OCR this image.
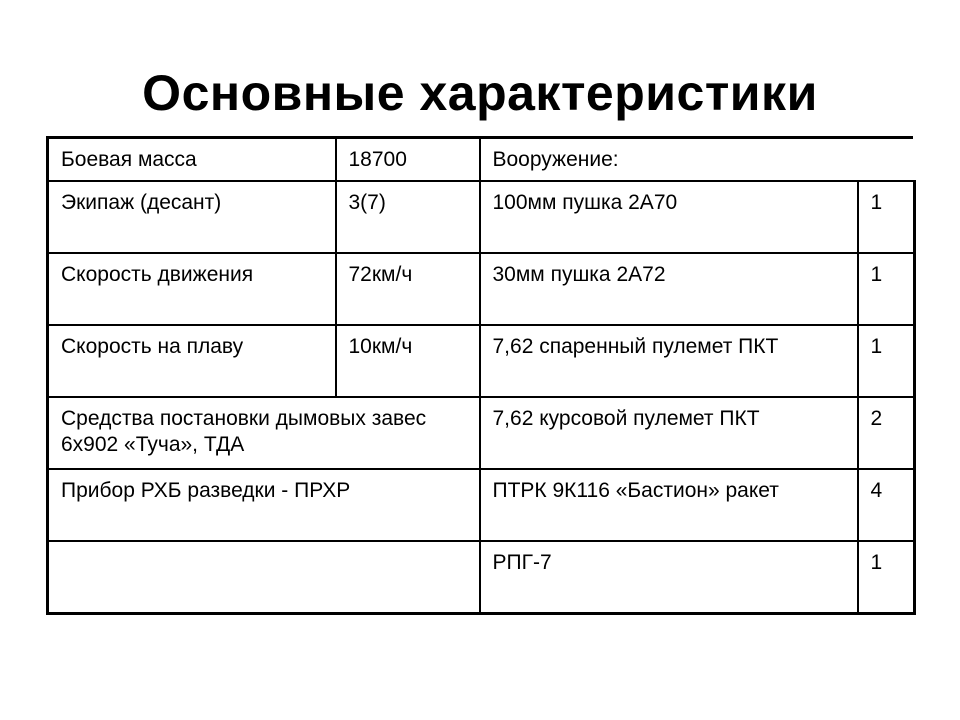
Основные характеристики
Боевая масса	18700	Вооружение:	
Экипаж (десант)	3(7)	100мм пушка 2А70	1
Скорость движения	72км/ч	30мм пушка 2А72	1
Скорость на плаву	10км/ч	7,62 спаренный пулемет ПКТ	1
Средства постановки дымовых завес 6х902 «Туча», ТДА		7,62 курсовой пулемет ПКТ	2
Прибор РХБ разведки - ПРХР		ПТРК 9К116 «Бастион» ракет	4
		РПГ-7	1
